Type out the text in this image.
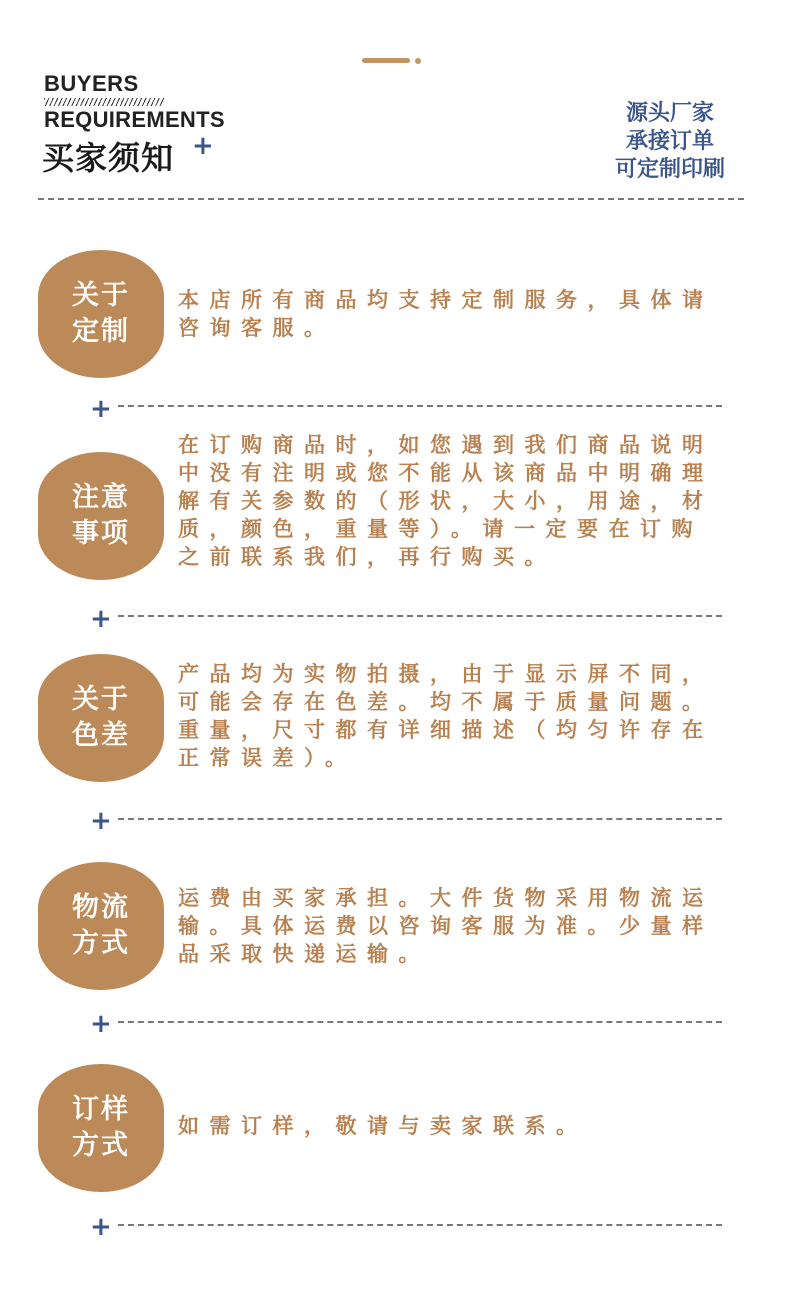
BUYERS
REQUIREMENTS
买家须知 +
源头厂家
承接订单
可定制印刷
关于
定制
本店所有商品均支持定制服务，具体请咨询客服。
+
注意
事项
在订购商品时，如您遇到我们商品说明中没有注明或您不能从该商品中明确理解有关参数的（形状，大小，用途，材质，颜色，重量等）。请一定要在订购之前联系我们，再行购买。
+
关于
色差
产品均为实物拍摄，由于显示屏不同，可能会存在色差。均不属于质量问题。重量，尺寸都有详细描述（均匀许存在正常误差）。
+
物流
方式
运费由买家承担。大件货物采用物流运输。具体运费以咨询客服为准。少量样品采取快递运输。
+
订样
方式
如需订样，敬请与卖家联系。
+
